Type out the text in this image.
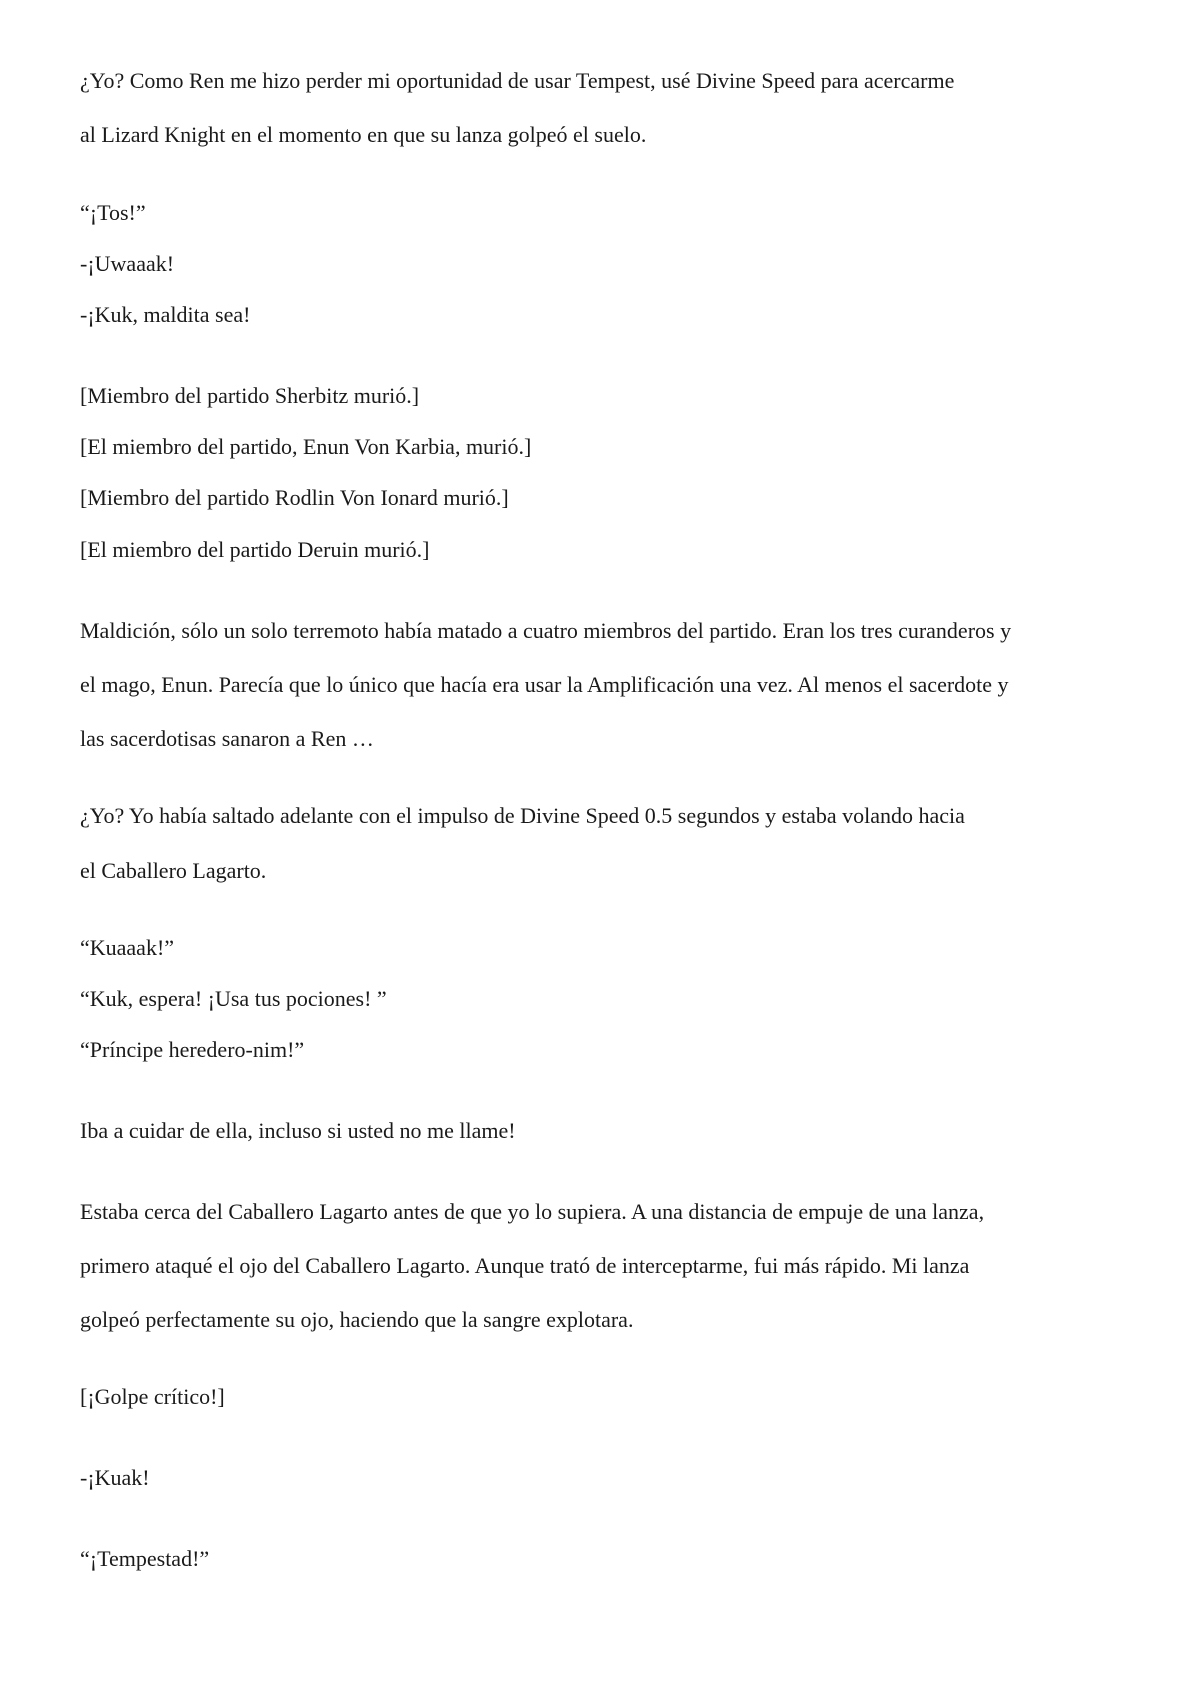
¿Yo? Como Ren me hizo perder mi oportunidad de usar Tempest, usé Divine Speed para acercarme

al Lizard Knight en el momento en que su lanza golpeó el suelo.

“¡Tos!”

-¡Uwaaak!

-¡Kuk, maldita sea!

[Miembro del partido Sherbitz murió.]

[El miembro del partido, Enun Von Karbia, murió.]

[Miembro del partido Rodlin Von Ionard murió.]

[El miembro del partido Deruin murió.]

Maldición, sólo un solo terremoto había matado a cuatro miembros del partido. Eran los tres curanderos y

el mago, Enun. Parecía que lo único que hacía era usar la Amplificación una vez. Al menos el sacerdote y

las sacerdotisas sanaron a Ren …

¿Yo? Yo había saltado adelante con el impulso de Divine Speed 0.5 segundos y estaba volando hacia

el Caballero Lagarto.

“Kuaaak!”

“Kuk, espera! ¡Usa tus pociones! ”

“Príncipe heredero-nim!”

Iba a cuidar de ella, incluso si usted no me llame!

Estaba cerca del Caballero Lagarto antes de que yo lo supiera. A una distancia de empuje de una lanza,

primero ataqué el ojo del Caballero Lagarto. Aunque trató de interceptarme, fui más rápido. Mi lanza

golpeó perfectamente su ojo, haciendo que la sangre explotara.

[¡Golpe crítico!]

-¡Kuak!

“¡Tempestad!”
